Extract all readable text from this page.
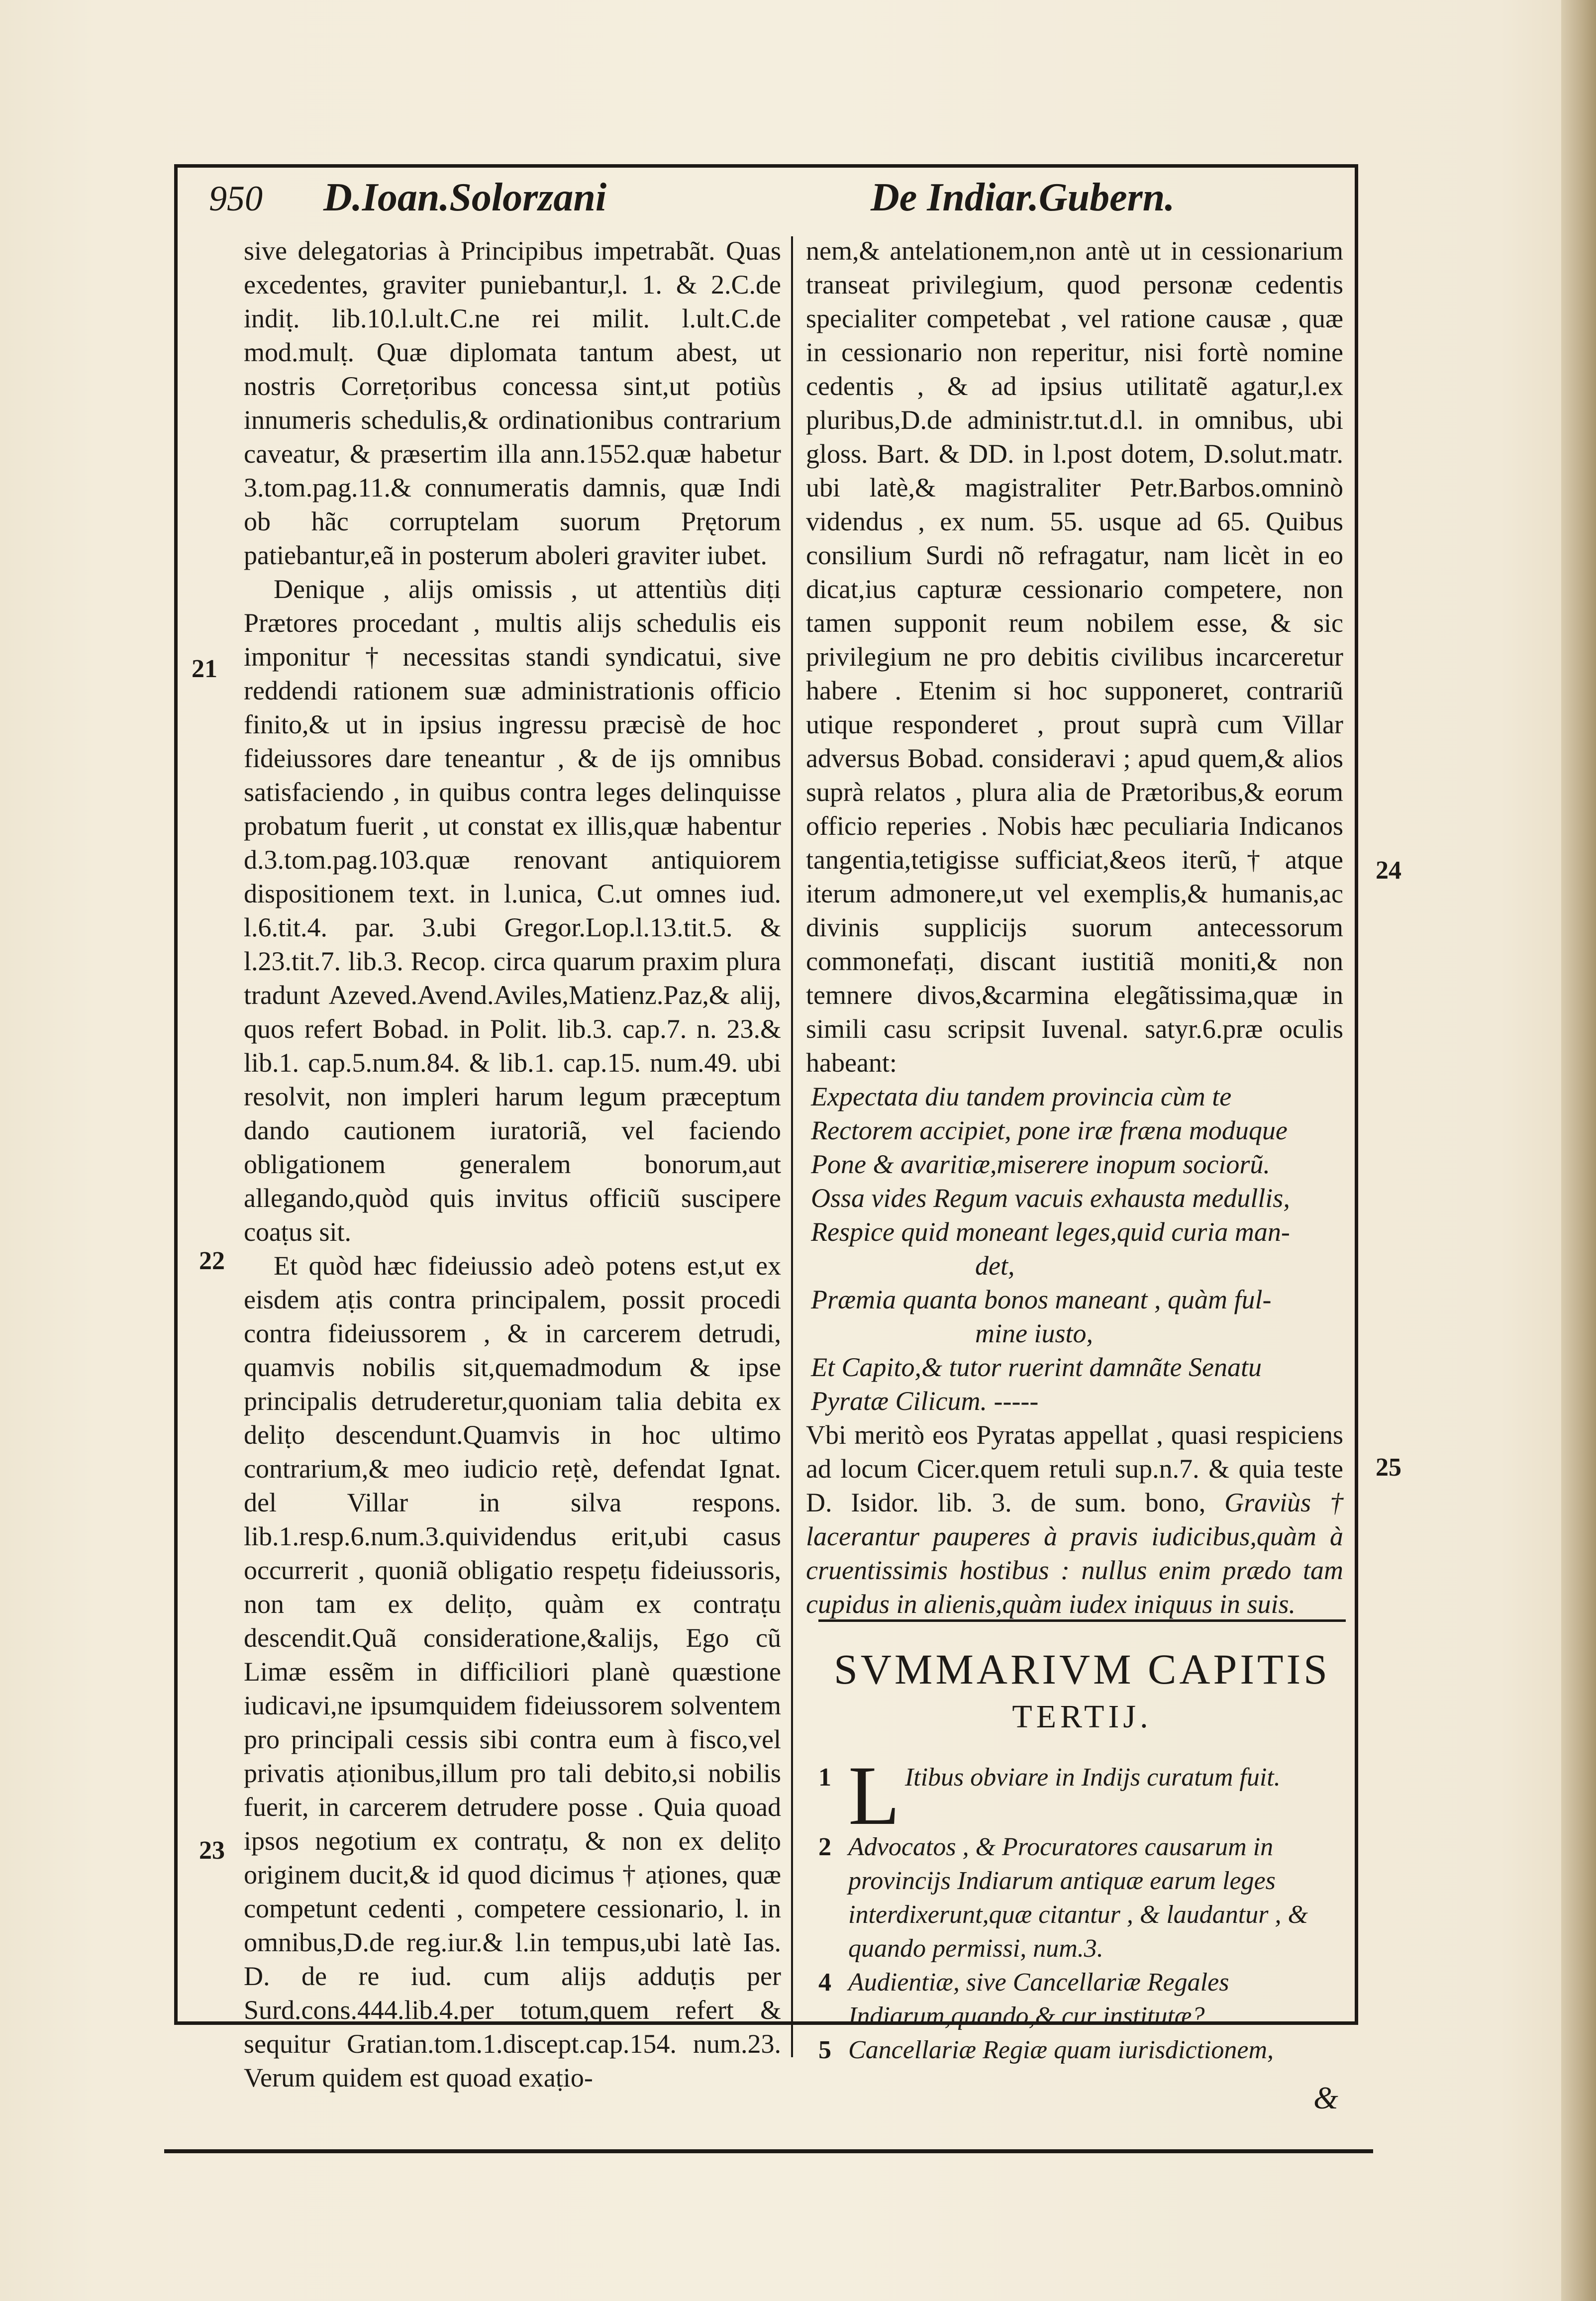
950 D.Ioan.Solorzani	De Indiar.Gubern.

sive delegatorias à Principibus impetrabãt. Quas excedentes, graviter puniebantur,l. 1. & 2.C.de indiṭ. lib.10.l.ult.C.ne rei milit. l.ult.C.de mod.mulṭ. Quæ diplomata tantum abest, ut nostris Correṭoribus concessa sint,ut potiùs innumeris schedulis,& ordinationibus contrarium caveatur, & præsertim illa ann.1552.quæ habetur 3.tom.pag.11.& connumeratis damnis, quæ Indi ob hãc corruptelam suorum Prętorum patiebantur,eã in posterum aboleri graviter iubet.

Denique , alijs omissis , ut attentiùs diṭi Prætores procedant , multis alijs schedulis eis imponitur † necessitas standi syndicatui, sive reddendi rationem suæ administrationis officio finito,& ut in ipsius ingressu præcisè de hoc fideiussores dare teneantur , & de ijs omnibus satisfaciendo , in quibus contra leges delinquisse probatum fuerit , ut constat ex illis,quæ habentur d.3.tom.pag.103.quæ renovant antiquiorem dispositionem text. in l.unica, C.ut omnes iud. l.6.tit.4. par. 3.ubi Gregor.Lop.l.13.tit.5. & l.23.tit.7. lib.3. Recop. circa quarum praxim plura tradunt Azeved.Avend.Aviles,Matienz.Paz,& alij, quos refert Bobad. in Polit. lib.3. cap.7. n. 23.& lib.1. cap.5.num.84. & lib.1. cap.15. num.49. ubi resolvit, non impleri harum legum præceptum dando cautionem iuratoriã, vel faciendo obligationem generalem bonorum,aut allegando,quòd quis invitus officiũ suscipere coaṭus sit.

Et quòd hæc fideiussio adeò potens est,ut ex eisdem aṭis contra principalem, possit procedi contra fideiussorem , & in carcerem detrudi, quamvis nobilis sit,quemadmodum & ipse principalis detruderetur,quoniam talia debita ex deliṭo descendunt.Quamvis in hoc ultimo contrarium,& meo iudicio reṭè, defendat Ignat. del Villar in silva respons. lib.1.resp.6.num.3.quividendus erit,ubi casus occurrerit , quoniã obligatio respeṭu fideiussoris, non tam ex deliṭo, quàm ex contraṭu descendit.Quã consideratione,&alijs, Ego cũ Limæ essẽm in difficiliori planè quæstione iudicavi,ne ipsumquidem fideiussorem solventem pro principali cessis sibi contra eum à fisco,vel privatis aṭionibus,illum pro tali debito,si nobilis fuerit, in carcerem detrudere posse . Quia quoad ipsos negotium ex contraṭu, & non ex deliṭo originem ducit,& id quod dicimus † aṭiones, quæ competunt cedenti , competere cessionario, l. in omnibus,D.de reg.iur.& l.in tempus,ubi latè Ias. D. de re iud. cum alijs adduṭis per Surd.cons.444.lib.4.per totum,quem refert & sequitur Gratian.tom.1.discept.cap.154. num.23. Verum quidem est quoad exaṭio-

21
22
23
24
25

nem,& antelationem,non antè ut in cessionarium transeat privilegium, quod personæ cedentis specialiter competebat , vel ratione causæ , quæ in cessionario non reperitur, nisi fortè nomine cedentis , & ad ipsius utilitatẽ agatur,l.ex pluribus,D.de administr.tut.d.l. in omnibus, ubi gloss. Bart. & DD. in l.post dotem, D.solut.matr. ubi latè,& magistraliter Petr.Barbos.omninò videndus , ex num. 55. usque ad 65. Quibus consilium Surdi nõ refragatur, nam licèt in eo dicat,ius capturæ cessionario competere, non tamen supponit reum nobilem esse, & sic privilegium ne pro debitis civilibus incarceretur habere . Etenim si hoc supponeret, contrariũ utique responderet , prout suprà cum Villar adversus Bobad. consideravi ; apud quem,& alios suprà relatos , plura alia de Prætoribus,& eorum officio reperies . Nobis hæc peculiaria Indicanos tangentia,tetigisse sufficiat,&eos iterũ,† atque iterum admonere,ut vel exemplis,& humanis,ac divinis supplicijs suorum antecessorum commonefaṭi, discant iustitiã moniti,& non temnere divos,&carmina elegãtissima,quæ in simili casu scripsit Iuvenal. satyr.6.præ oculis habeant:

Expectata diu tandem provincia cùm te
Rectorem accipiet, pone iræ fræna moduque
Pone & avaritiæ,miserere inopum sociorũ.
Ossa vides Regum vacuis exhausta medullis,
Respice quid moneant leges,quid curia man-
det,
Præmia quanta bonos maneant , quàm ful-
mine iusto,
Et Capito,& tutor ruerint damnãte Senatu
Pyratæ Cilicum. -----

Vbi meritò eos Pyratas appellat , quasi respiciens ad locum Cicer.quem retuli sup.n.7. & quia teste D. Isidor. lib. 3. de sum. bono, Graviùs † lacerantur pauperes à pravis iudicibus,quàm à cruentissimis hostibus : nullus enim prædo tam cupidus in alienis,quàm iudex iniquus in suis.

SVMMARIVM CAPITIS
TERTIJ.
1 L Itibus obviare in Indijs curatum fuit.
2 Advocatos , & Procuratores causarum in provincijs Indiarum antiquæ earum leges interdixerunt,quæ citantur , & laudantur , & quando permissi, num.3.
4 Audientiæ, sive Cancellariæ Regales Indiarum,quando,& cur institutæ?
5 Cancellariæ Regiæ quam iurisdictionem,
&
